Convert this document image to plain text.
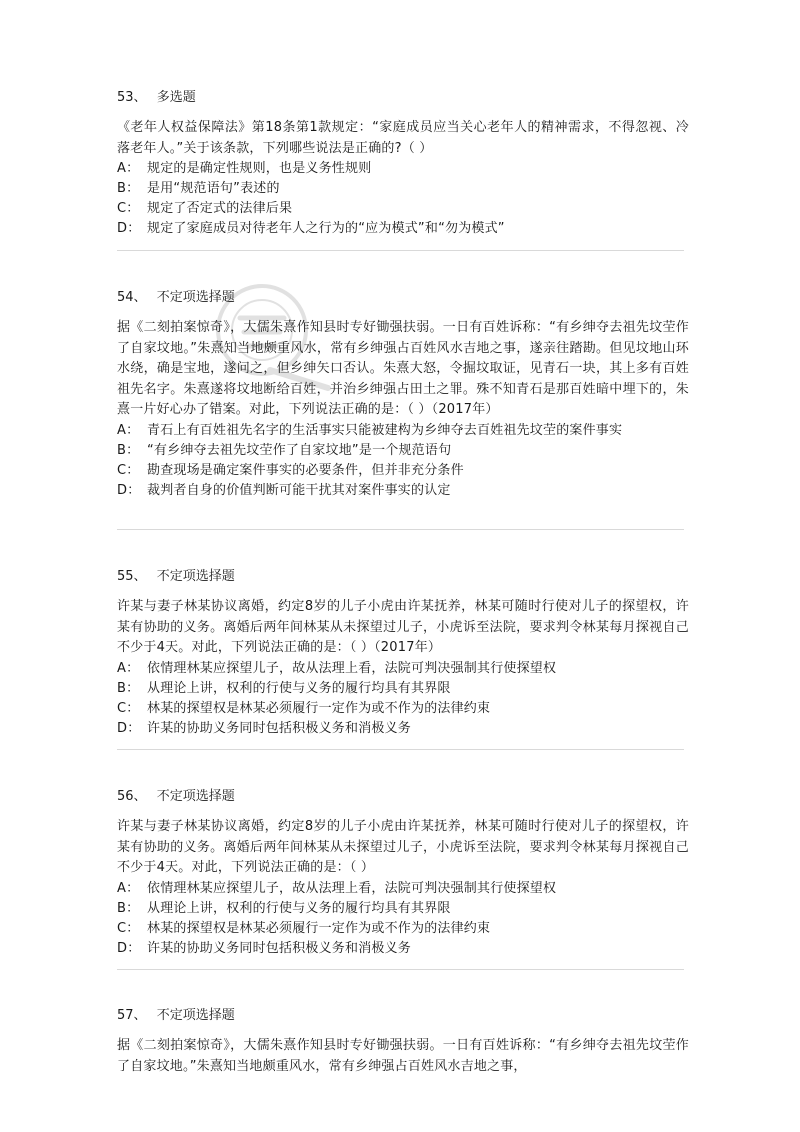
53、 多选题
《老年人权益保障法》第18条第1款规定：“家庭成员应当关心老年人的精神需求，不得忽视、冷落老年人。”关于该条款，下列哪些说法是正确的?（ ）
A： 规定的是确定性规则，也是义务性规则
B： 是用“规范语句”表述的
C： 规定了否定式的法律后果
D： 规定了家庭成员对待老年人之行为的“应为模式”和“勿为模式”
54、 不定项选择题
据《二刻拍案惊奇》，大儒朱熹作知县时专好锄强扶弱。一日有百姓诉称：“有乡绅夺去祖先坟茔作了自家坟地。”朱熹知当地颇重风水，常有乡绅强占百姓风水吉地之事，遂亲往踏勘。但见坟地山环水绕，确是宝地，遂问之，但乡绅矢口否认。朱熹大怒，令掘坟取证，见青石一块，其上多有百姓祖先名字。朱熹遂将坟地断给百姓，并治乡绅强占田土之罪。殊不知青石是那百姓暗中埋下的，朱熹一片好心办了错案。对此，下列说法正确的是：（ ）（2017年）
A： 青石上有百姓祖先名字的生活事实只能被建构为乡绅夺去百姓祖先坟茔的案件事实
B： “有乡绅夺去祖先坟茔作了自家坟地”是一个规范语句
C： 勘查现场是确定案件事实的必要条件，但并非充分条件
D： 裁判者自身的价值判断可能干扰其对案件事实的认定
55、 不定项选择题
许某与妻子林某协议离婚，约定8岁的儿子小虎由许某抚养，林某可随时行使对儿子的探望权，许某有协助的义务。离婚后两年间林某从未探望过儿子，小虎诉至法院，要求判令林某每月探视自己不少于4天。对此，下列说法正确的是：（ ）（2017年）
A： 依情理林某应探望儿子，故从法理上看，法院可判决强制其行使探望权
B： 从理论上讲，权利的行使与义务的履行均具有其界限
C： 林某的探望权是林某必须履行一定作为或不作为的法律约束
D： 许某的协助义务同时包括积极义务和消极义务
56、 不定项选择题
许某与妻子林某协议离婚，约定8岁的儿子小虎由许某抚养，林某可随时行使对儿子的探望权，许某有协助的义务。离婚后两年间林某从未探望过儿子，小虎诉至法院，要求判令林某每月探视自己不少于4天。对此，下列说法正确的是：（ ）
A： 依情理林某应探望儿子，故从法理上看，法院可判决强制其行使探望权
B： 从理论上讲，权利的行使与义务的履行均具有其界限
C： 林某的探望权是林某必须履行一定作为或不作为的法律约束
D： 许某的协助义务同时包括积极义务和消极义务
57、 不定项选择题
据《二刻拍案惊奇》，大儒朱熹作知县时专好锄强扶弱。一日有百姓诉称：“有乡绅夺去祖先坟茔作了自家坟地。”朱熹知当地颇重风水，常有乡绅强占百姓风水吉地之事，
